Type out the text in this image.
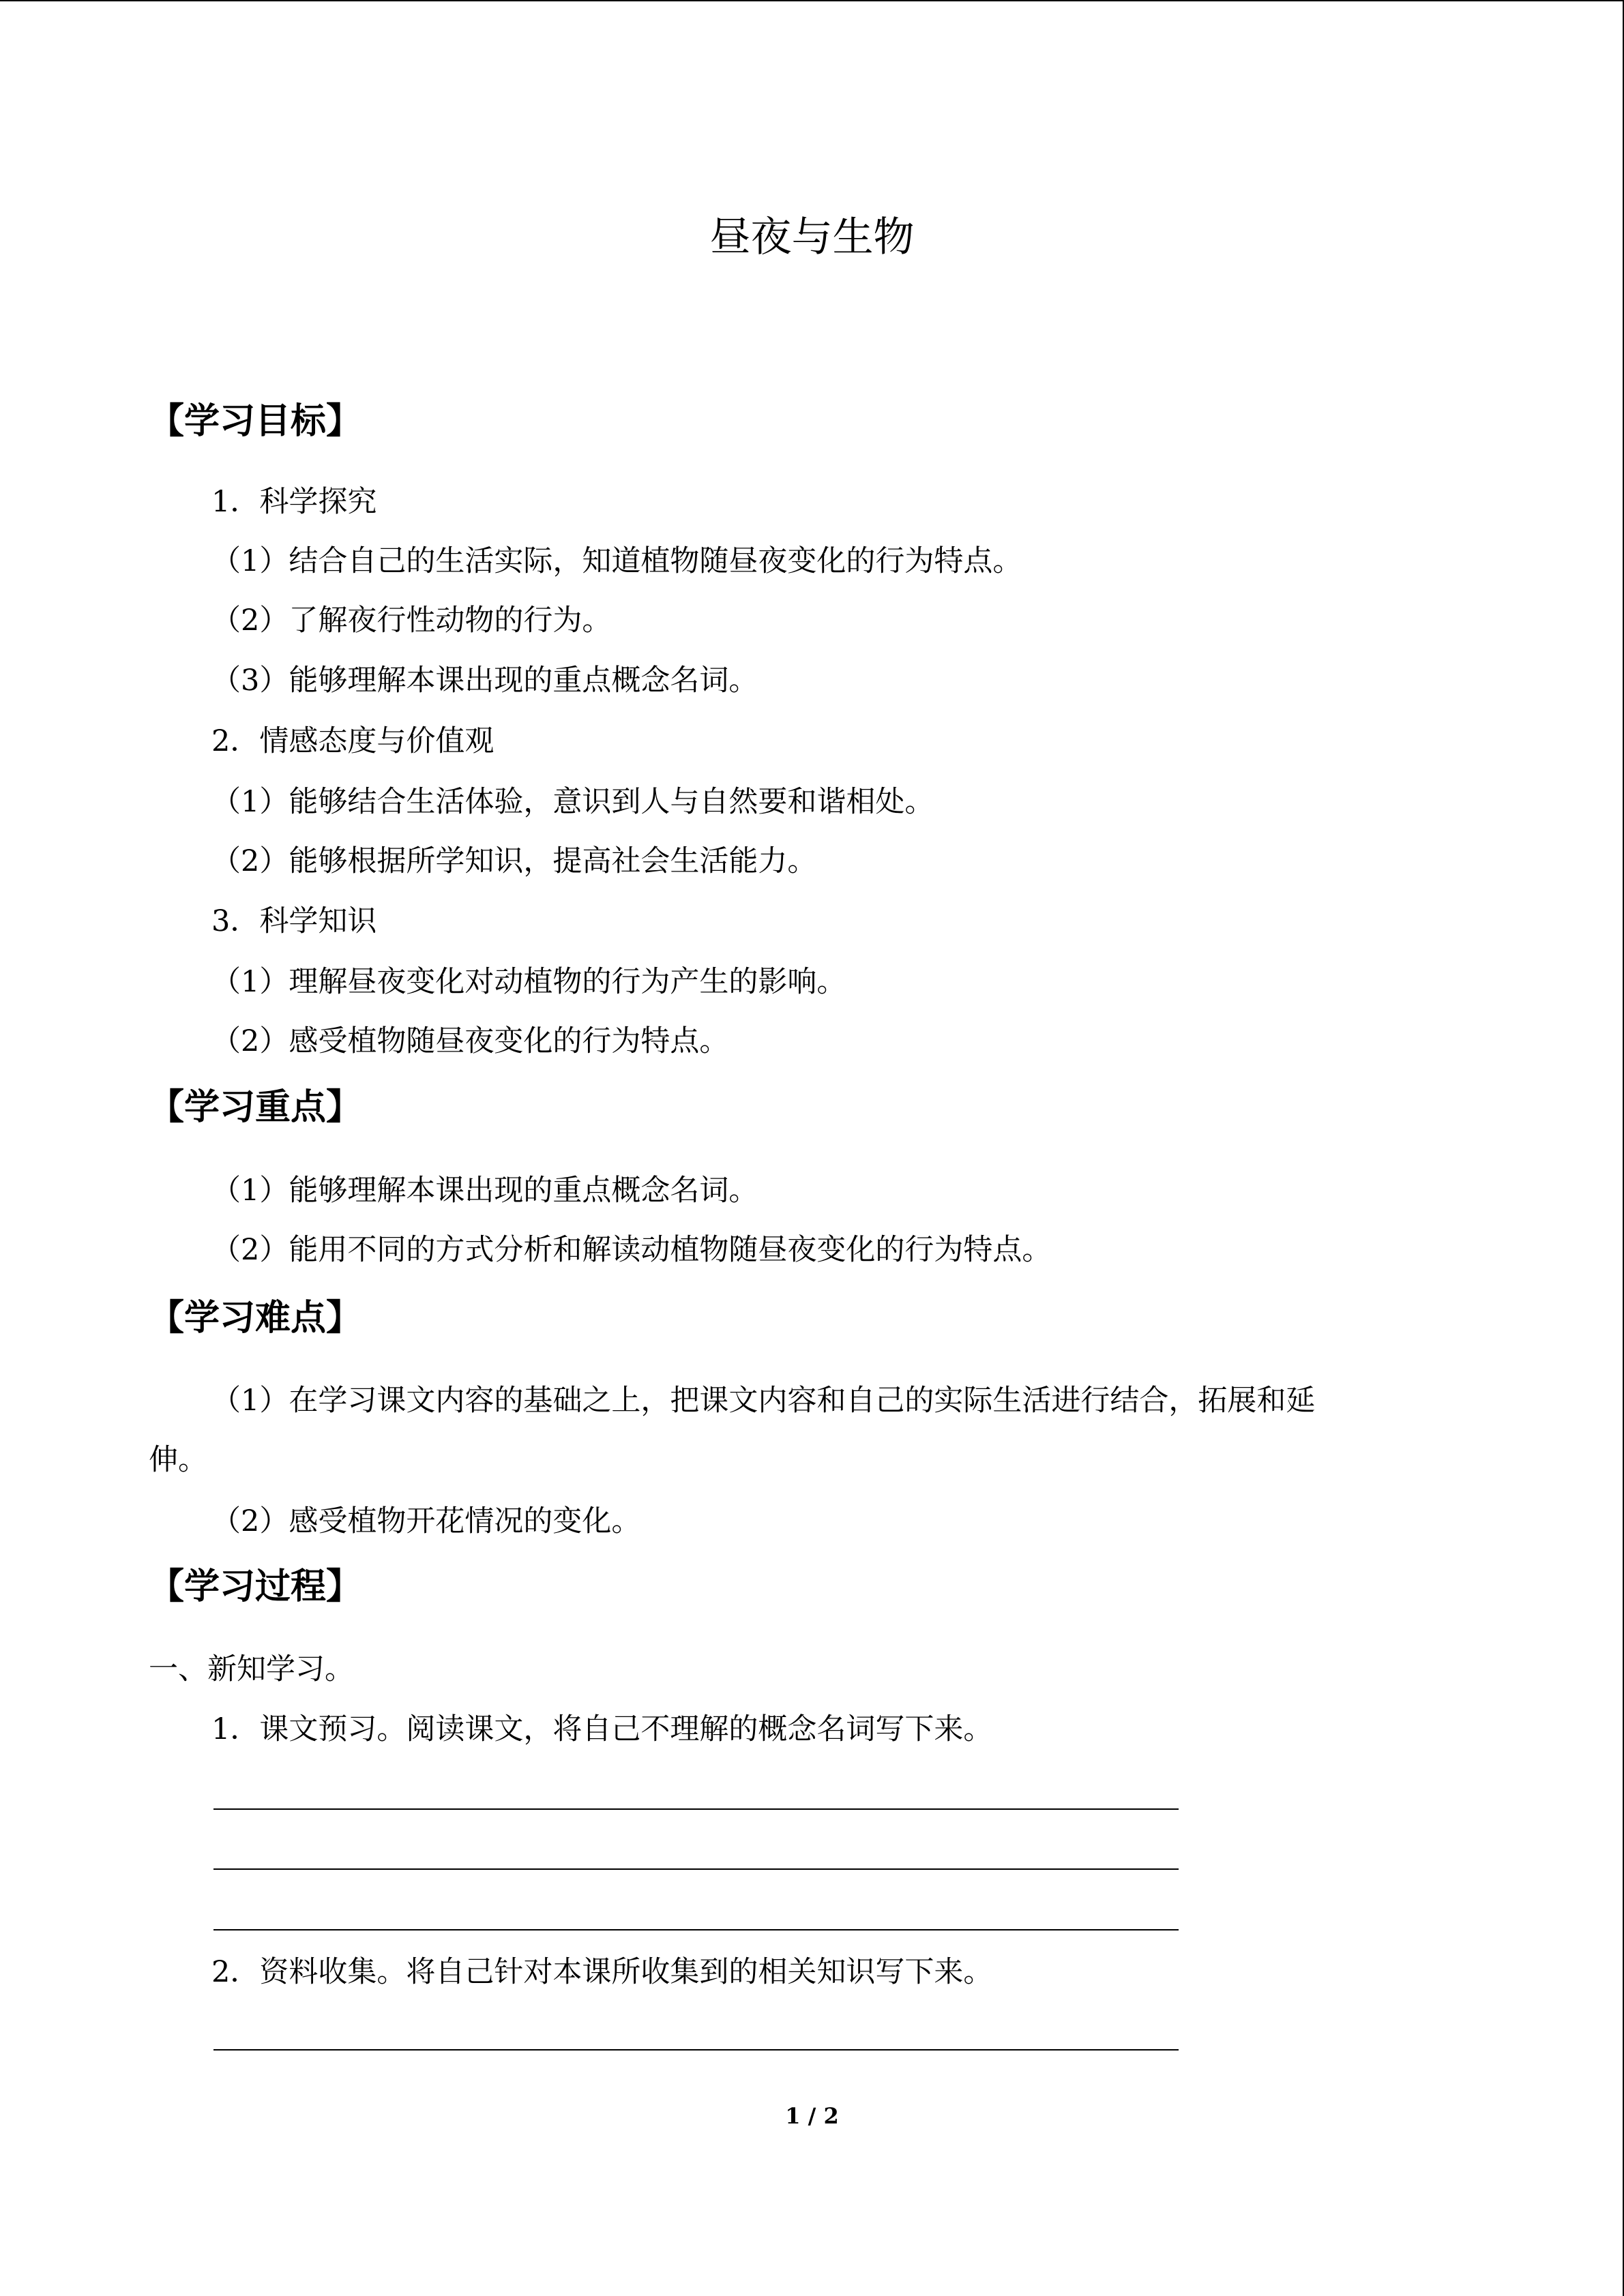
昼夜与生物
【学习目标】
1．科学探究
（1）结合自己的生活实际，知道植物随昼夜变化的行为特点。
（2）了解夜行性动物的行为。
（3）能够理解本课出现的重点概念名词。
2．情感态度与价值观
（1）能够结合生活体验，意识到人与自然要和谐相处。
（2）能够根据所学知识，提高社会生活能力。
3．科学知识
（1）理解昼夜变化对动植物的行为产生的影响。
（2）感受植物随昼夜变化的行为特点。
【学习重点】
（1）能够理解本课出现的重点概念名词。
（2）能用不同的方式分析和解读动植物随昼夜变化的行为特点。
【学习难点】
（1）在学习课文内容的基础之上，把课文内容和自己的实际生活进行结合，拓展和延
伸。
（2）感受植物开花情况的变化。
【学习过程】
一、新知学习。
1．课文预习。阅读课文，将自己不理解的概念名词写下来。
2．资料收集。将自己针对本课所收集到的相关知识写下来。
1 / 2
